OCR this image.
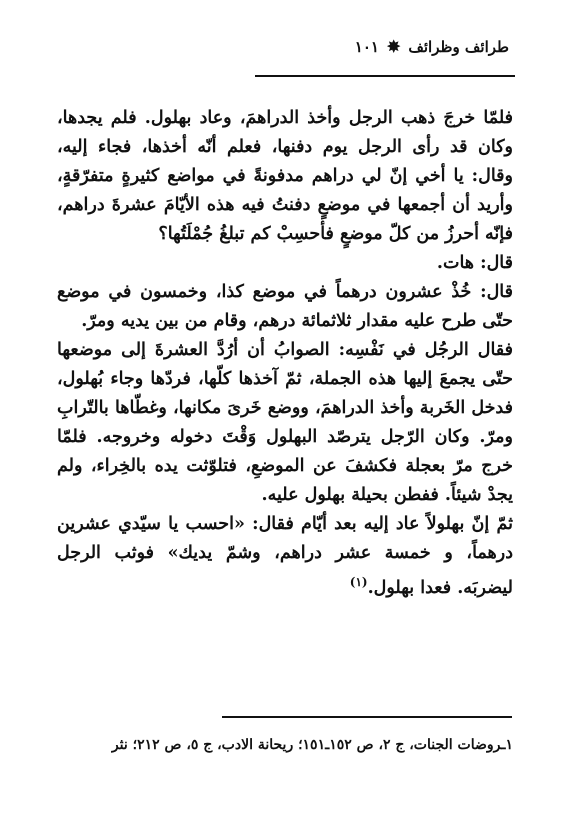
طرائف وظرائف
✸
١٠١

فلمّا خرجَ ذهب الرجل وأخذ الدراهمَ، وعاد بهلول. فلم يجدها، وكان قد رأى الرجل يوم دفنها، فعلم أنّه أخذها، فجاء إليه، وقال: يا أخي إنّ لي دراهم مدفونةً في مواضع كثيرةٍ متفرّقةٍ، وأريد أن أجمعها في موضعٍ دفنتُ فيه هذه الأيّامَ عشرةَ دراهم، فإنّه أحرزُ من كلّ موضعٍ فأحسِبْ كم تبلغُ جُمْلَتُها؟

قال: هات.

قال: خُذْ عشرون درهماً في موضع كذا، وخمسون في موضع حتّى طرح عليه مقدار ثلاثمائة درهم، وقام من بين يديه ومرّ.

فقال الرجُل في نَفْسِه: الصوابُ أن أرُدَّ العشرةَ إلى موضعها حتّى يجمعَ إليها هذه الجملة، ثمّ آخذها كلّها، فردّها وجاء بُهلول، فدخل الخَربة وأخذ الدراهمَ، ووضع خَرىَ مكانها، وغطّاها بالتّرابِ ومرّ. وكان الرّجل يترصّد البهلول وَقْتَ دخوله وخروجه. فلمّا خرج مرّ بعجلة فكشفَ عن الموضعِ، فتلوّثت يده بالخِراء، ولم يجدْ شيئاً. ففطن بحيلة بهلول عليه.

ثمّ إنّ بهلولاً عاد إليه بعد أيّام فقال: «احسب يا سيّدي عشرين درهماً، و خمسة عشر دراهم، وشمّ يديك» فوثب الرجل ليضربَه. فعدا بهلول.$^{(١)}$

١ـروضات الجنات، ج ٢، ص ١٥٢ـ١٥١؛ ريحانة الادب، ج ٥، ص ٢١٢؛ نثر
